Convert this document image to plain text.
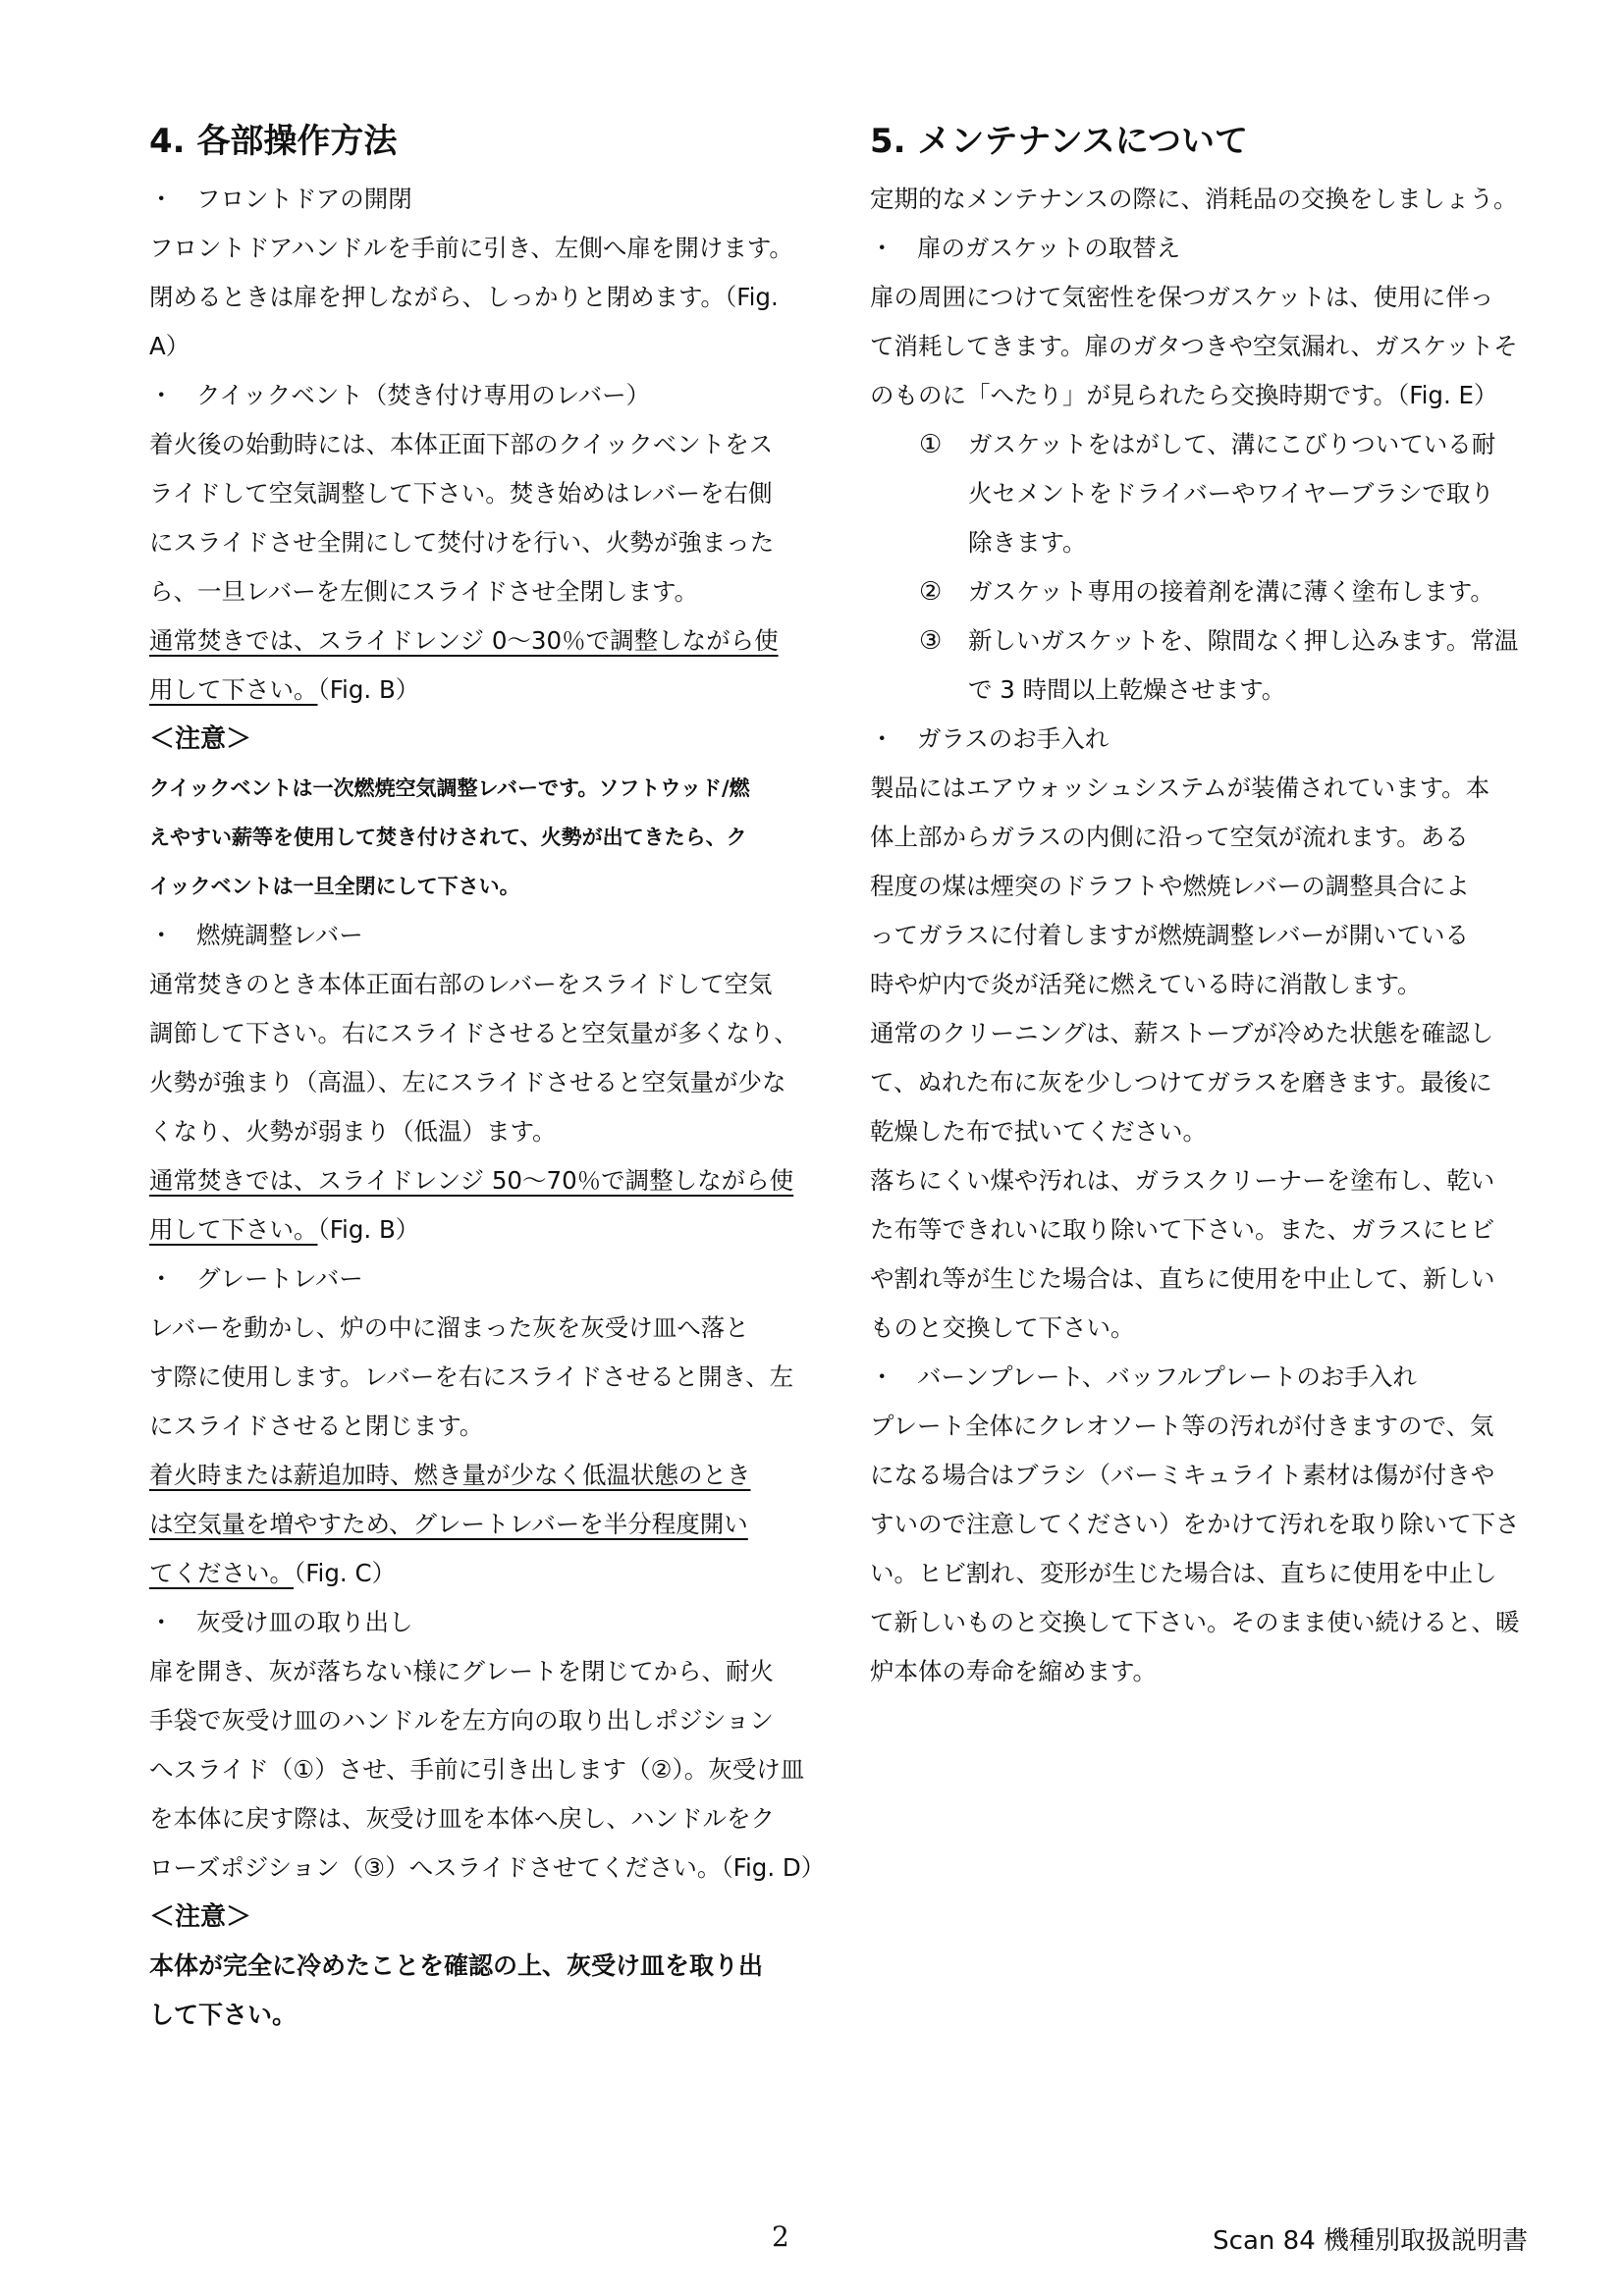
4. 各部操作方法

・ フロントドアの開閉

フロントドアハンドルを手前に引き、左側へ扉を開けます。

閉めるときは扉を押しながら、しっかりと閉めます。（Fig.

A）

・ クイックベント（焚き付け専用のレバー）

着火後の始動時には、本体正面下部のクイックベントをス

ライドして空気調整して下さい。焚き始めはレバーを右側

にスライドさせ全開にして焚付けを行い、火勢が強まった

ら、一旦レバーを左側にスライドさせ全閉します。

通常焚きでは、スライドレンジ 0～30％で調整しながら使

用して下さい。（Fig. B）

＜注意＞

クイックベントは一次燃焼空気調整レバーです。ソフトウッド/燃

えやすい薪等を使用して焚き付けされて、火勢が出てきたら、ク

イックベントは一旦全閉にして下さい。

・ 燃焼調整レバー

通常焚きのとき本体正面右部のレバーをスライドして空気

調節して下さい。右にスライドさせると空気量が多くなり、

火勢が強まり（高温）、左にスライドさせると空気量が少な

くなり、火勢が弱まり（低温）ます。

通常焚きでは、スライドレンジ 50～70％で調整しながら使

用して下さい。（Fig. B）

・ グレートレバー

レバーを動かし、炉の中に溜まった灰を灰受け皿へ落と

す際に使用します。レバーを右にスライドさせると開き、左

にスライドさせると閉じます。

着火時または薪追加時、燃き量が少なく低温状態のとき

は空気量を増やすため、グレートレバーを半分程度開い

てください。（Fig. C）

・ 灰受け皿の取り出し

扉を開き、灰が落ちない様にグレートを閉じてから、耐火

手袋で灰受け皿のハンドルを左方向の取り出しポジション

へスライド（①）させ、手前に引き出します（②）。灰受け皿

を本体に戻す際は、灰受け皿を本体へ戻し、ハンドルをク

ローズポジション（③）へスライドさせてください。（Fig. D）

＜注意＞

本体が完全に冷めたことを確認の上、灰受け皿を取り出

して下さい。

5. メンテナンスについて

定期的なメンテナンスの際に、消耗品の交換をしましょう。

・ 扉のガスケットの取替え

扉の周囲につけて気密性を保つガスケットは、使用に伴っ

て消耗してきます。扉のガタつきや空気漏れ、ガスケットそ

のものに「へたり」が見られたら交換時期です。（Fig. E）

①	ガスケットをはがして、溝にこびりついている耐

火セメントをドライバーやワイヤーブラシで取り

除きます。

②	ガスケット専用の接着剤を溝に薄く塗布します。

③	新しいガスケットを、隙間なく押し込みます。常温

で 3 時間以上乾燥させます。

・ ガラスのお手入れ

製品にはエアウォッシュシステムが装備されています。本

体上部からガラスの内側に沿って空気が流れます。ある

程度の煤は煙突のドラフトや燃焼レバーの調整具合によ

ってガラスに付着しますが燃焼調整レバーが開いている

時や炉内で炎が活発に燃えている時に消散します。

通常のクリーニングは、薪ストーブが冷めた状態を確認し

て、ぬれた布に灰を少しつけてガラスを磨きます。最後に

乾燥した布で拭いてください。

落ちにくい煤や汚れは、ガラスクリーナーを塗布し、乾い

た布等できれいに取り除いて下さい。また、ガラスにヒビ

や割れ等が生じた場合は、直ちに使用を中止して、新しい

ものと交換して下さい。

・ バーンプレート、バッフルプレートのお手入れ

プレート全体にクレオソート等の汚れが付きますので、気

になる場合はブラシ（バーミキュライト素材は傷が付きや

すいので注意してください）をかけて汚れを取り除いて下さ

い。ヒビ割れ、変形が生じた場合は、直ちに使用を中止し

て新しいものと交換して下さい。そのまま使い続けると、暖

炉本体の寿命を縮めます。

2	Scan 84 機種別取扱説明書
